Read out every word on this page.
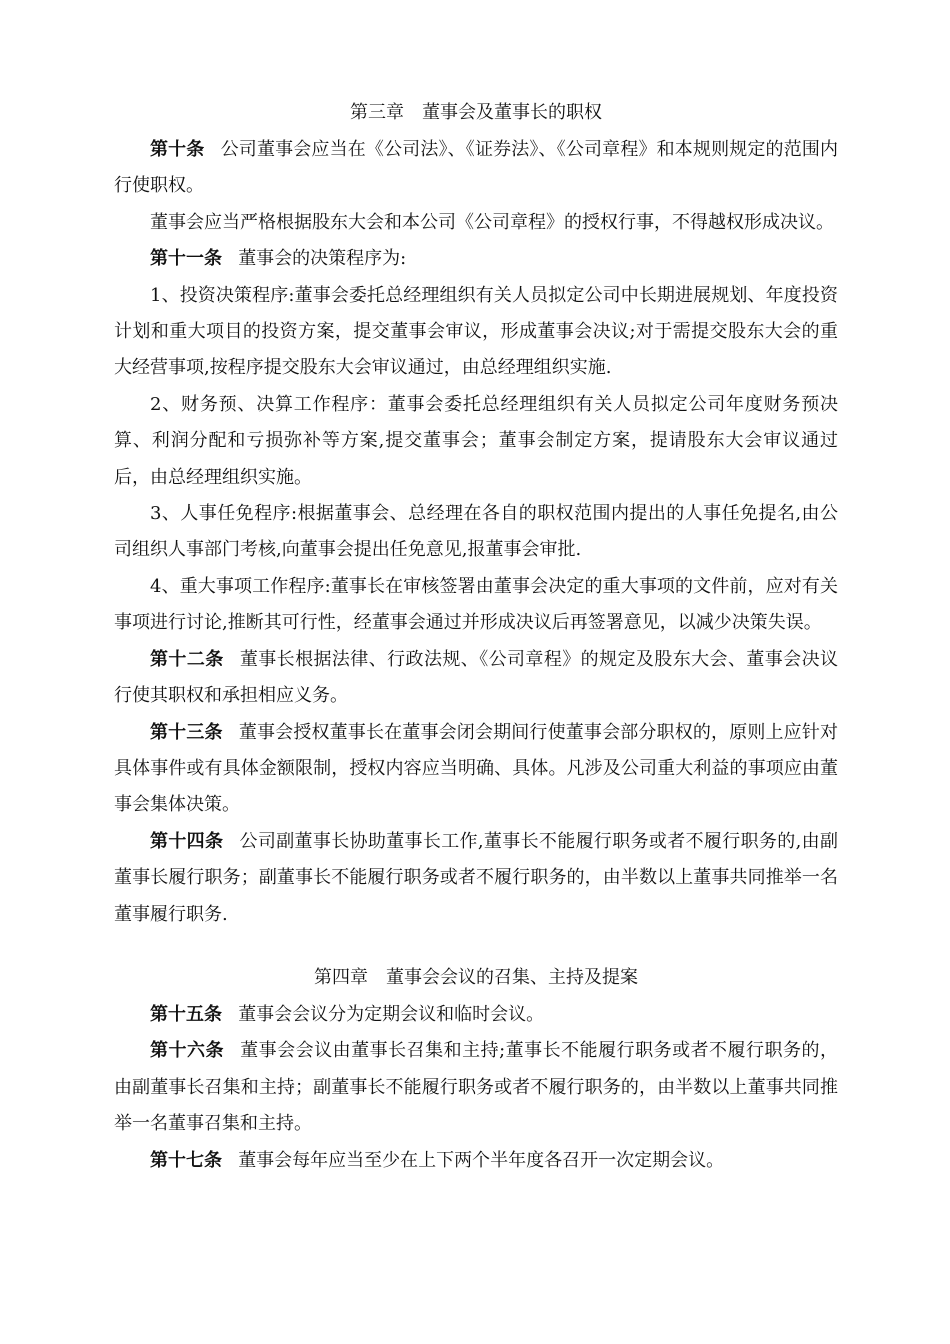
第三章　董事会及董事长的职权

第十条 公司董事会应当在《公司法》、《证券法》、《公司章程》和本规则规定的范围内行使职权。

董事会应当严格根据股东大会和本公司《公司章程》的授权行事，不得越权形成决议。

第十一条 董事会的决策程序为:

1、投资决策程序:董事会委托总经理组织有关人员拟定公司中长期进展规划、年度投资计划和重大项目的投资方案，提交董事会审议，形成董事会决议;对于需提交股东大会的重大经营事项,按程序提交股东大会审议通过，由总经理组织实施.

2、财务预、决算工作程序：董事会委托总经理组织有关人员拟定公司年度财务预决算、利润分配和亏损弥补等方案,提交董事会；董事会制定方案，提请股东大会审议通过后，由总经理组织实施。

3、人事任免程序:根据董事会、总经理在各自的职权范围内提出的人事任免提名,由公司组织人事部门考核,向董事会提出任免意见,报董事会审批.

4、重大事项工作程序:董事长在审核签署由董事会决定的重大事项的文件前，应对有关事项进行讨论,推断其可行性，经董事会通过并形成决议后再签署意见，以减少决策失误。

第十二条 董事长根据法律、行政法规、《公司章程》的规定及股东大会、董事会决议行使其职权和承担相应义务。

第十三条 董事会授权董事长在董事会闭会期间行使董事会部分职权的，原则上应针对具体事件或有具体金额限制，授权内容应当明确、具体。凡涉及公司重大利益的事项应由董事会集体决策。

第十四条 公司副董事长协助董事长工作,董事长不能履行职务或者不履行职务的,由副董事长履行职务；副董事长不能履行职务或者不履行职务的，由半数以上董事共同推举一名董事履行职务.

第四章　董事会会议的召集、主持及提案

第十五条 董事会会议分为定期会议和临时会议。

第十六条 董事会会议由董事长召集和主持;董事长不能履行职务或者不履行职务的，由副董事长召集和主持；副董事长不能履行职务或者不履行职务的，由半数以上董事共同推举一名董事召集和主持。

第十七条 董事会每年应当至少在上下两个半年度各召开一次定期会议。
